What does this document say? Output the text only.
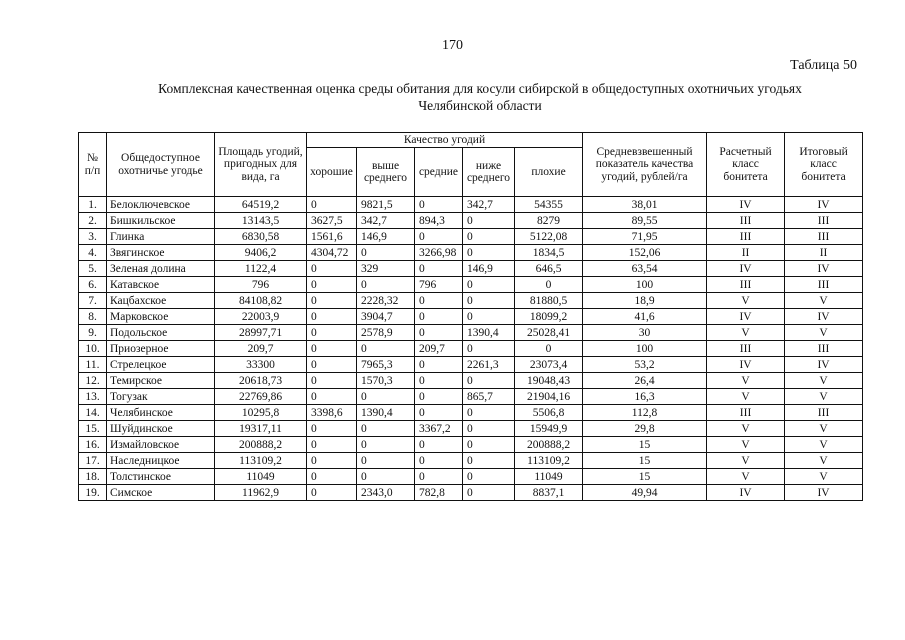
170
Таблица 50
Комплексная качественная оценка среды обитания для косули сибирской в общедоступных охотничьих угодьях
Челябинской области
№ п/п	Общедоступное охотничье угодье	Площадь угодий, пригодных для вида, га	Качество угодий					Средневзвешенный показатель качества угодий, рублей/га	Расчетный класс бонитета	Итоговый класс бонитета
			хорошие	выше среднего	средние	ниже среднего	плохие			
1.	Белоключевское	64519,2	0	9821,5	0	342,7	54355	38,01	IV	IV
2.	Бишкильское	13143,5	3627,5	342,7	894,3	0	8279	89,55	III	III
3.	Глинка	6830,58	1561,6	146,9	0	0	5122,08	71,95	III	III
4.	Звягинское	9406,2	4304,72	0	3266,98	0	1834,5	152,06	II	II
5.	Зеленая долина	1122,4	0	329	0	146,9	646,5	63,54	IV	IV
6.	Катавское	796	0	0	796	0	0	100	III	III
7.	Кацбахское	84108,82	0	2228,32	0	0	81880,5	18,9	V	V
8.	Марковское	22003,9	0	3904,7	0	0	18099,2	41,6	IV	IV
9.	Подольское	28997,71	0	2578,9	0	1390,4	25028,41	30	V	V
10.	Приозерное	209,7	0	0	209,7	0	0	100	III	III
11.	Стрелецкое	33300	0	7965,3	0	2261,3	23073,4	53,2	IV	IV
12.	Темирское	20618,73	0	1570,3	0	0	19048,43	26,4	V	V
13.	Тогузак	22769,86	0	0	0	865,7	21904,16	16,3	V	V
14.	Челябинское	10295,8	3398,6	1390,4	0	0	5506,8	112,8	III	III
15.	Шуйдинское	19317,11	0	0	3367,2	0	15949,9	29,8	V	V
16.	Измайловское	200888,2	0	0	0	0	200888,2	15	V	V
17.	Наследницкое	113109,2	0	0	0	0	113109,2	15	V	V
18.	Толстинское	11049	0	0	0	0	11049	15	V	V
19.	Симское	11962,9	0	2343,0	782,8	0	8837,1	49,94	IV	IV
